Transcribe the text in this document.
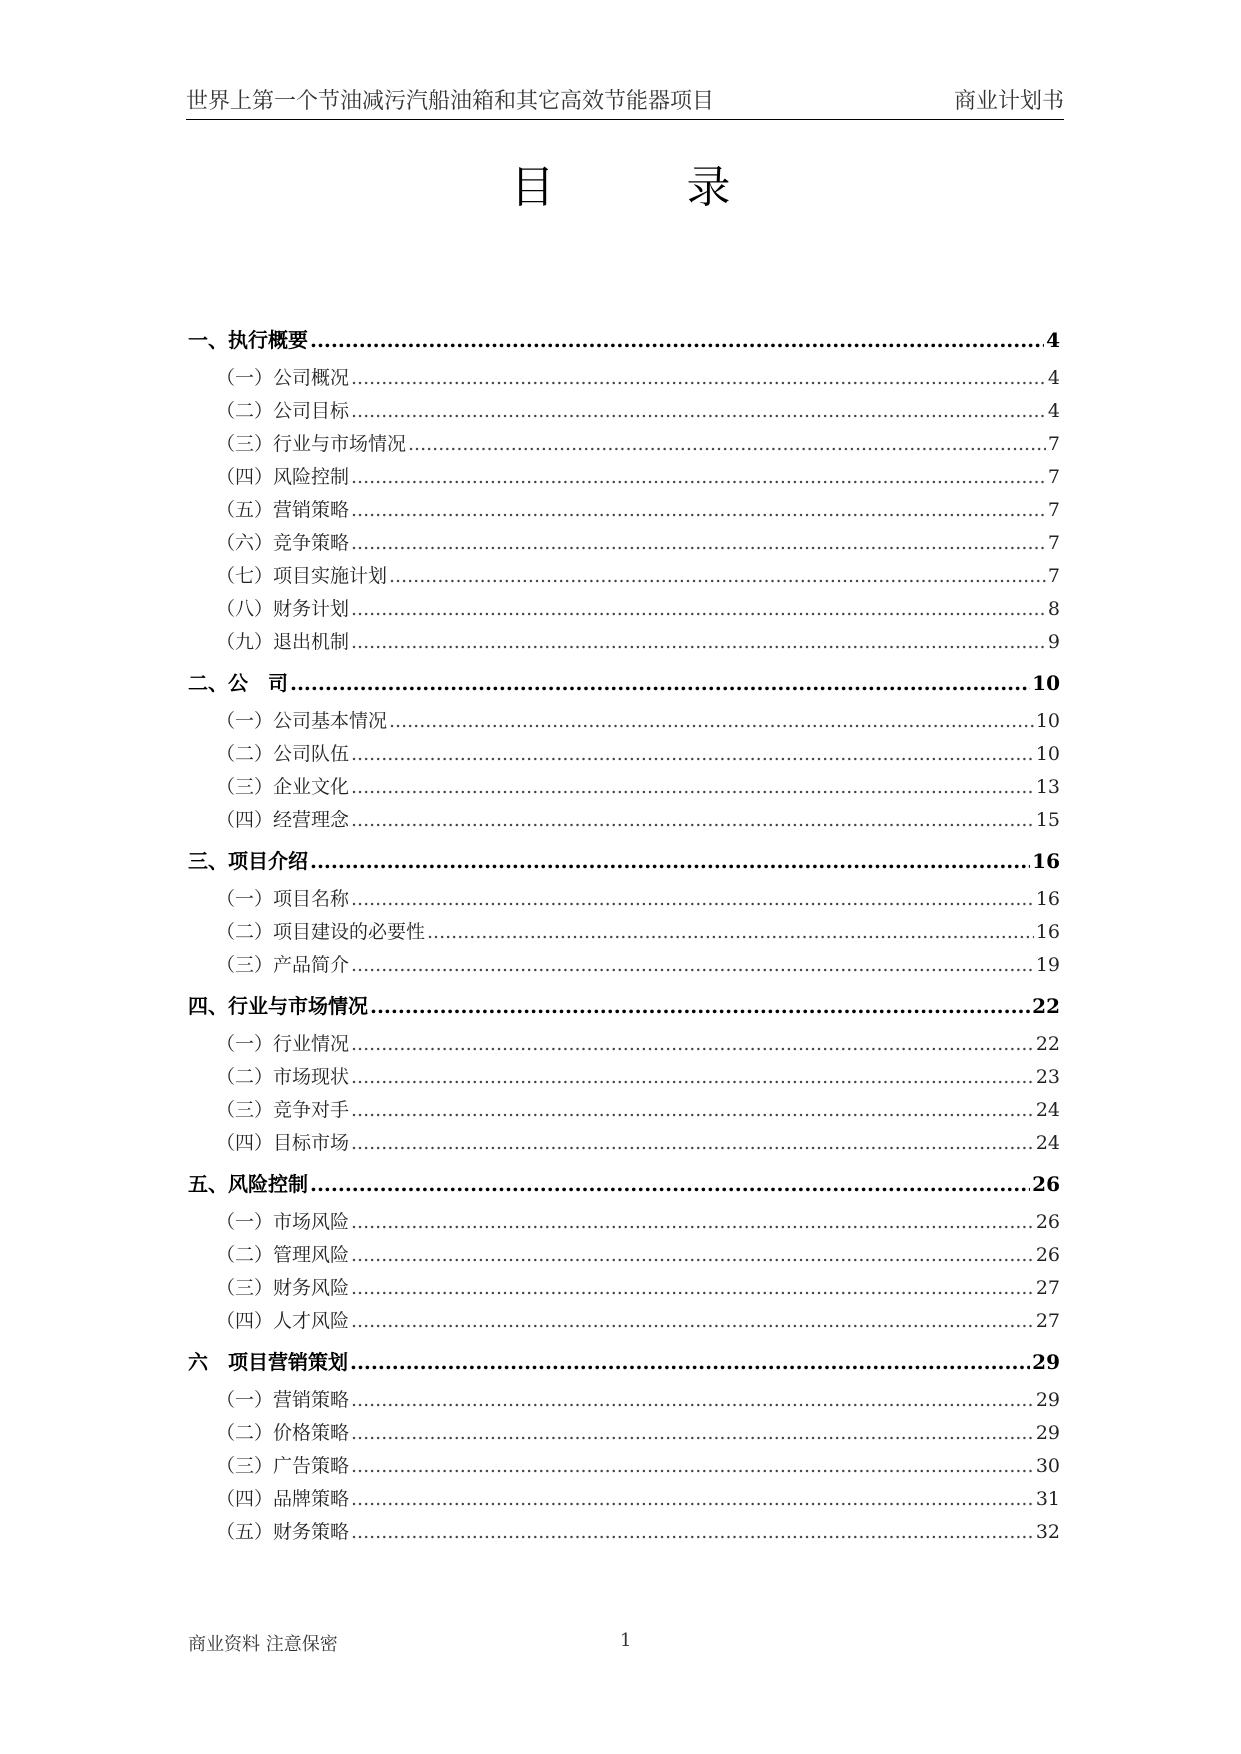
世界上第一个节油减污汽船油箱和其它高效节能器项目	商业计划书
目　　　录
一、执行概要 .....	4
（一）公司概况 .....	4
（二）公司目标 .....	4
（三）行业与市场情况 .....	7
（四）风险控制 .....	7
（五）营销策略 .....	7
（六）竞争策略 .....	7
（七）项目实施计划 .....	7
（八）财务计划 .....	8
（九）退出机制 .....	9
二、公　司 .....	10
（一）公司基本情况 .....	10
（二）公司队伍 .....	10
（三）企业文化 .....	13
（四）经营理念 .....	15
三、项目介绍 .....	16
（一）项目名称 .....	16
（二）项目建设的必要性 .....	16
（三）产品简介 .....	19
四、行业与市场情况 .....	22
（一）行业情况 .....	22
（二）市场现状 .....	23
（三）竞争对手 .....	24
（四）目标市场 .....	24
五、风险控制 .....	26
（一）市场风险 .....	26
（二）管理风险 .....	26
（三）财务风险 .....	27
（四）人才风险 .....	27
六　项目营销策划 .....	29
（一）营销策略 .....	29
（二）价格策略 .....	29
（三）广告策略 .....	30
（四）品牌策略 .....	31
（五）财务策略 .....	32
商业资料 注意保密	1
